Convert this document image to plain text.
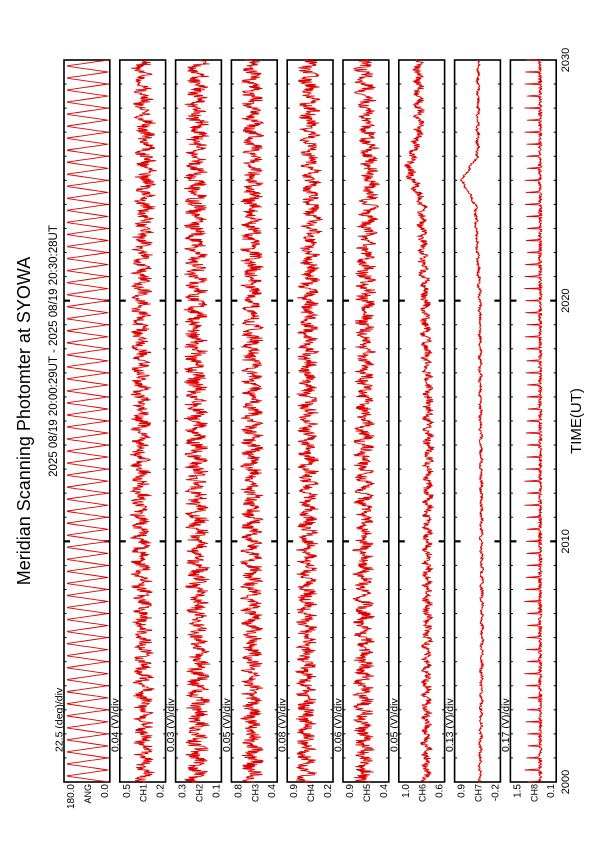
Meridian Scanning Photomter at SYOWA 2025 08/19 20:00:29UT - 2025 08/19 20:30:28UT	TIME(UT)
22.5 (deg)/div
180.0 0.0
ANG
0.04 (V)/div
0.5 0.2
CH1
0.03 (V)/div
0.3 0.1
CH2
0.05 (V)/div
0.8 0.4
CH3
0.08 (V)/div
0.9 0.2
CH4
0.06 (V)/div
0.9 0.4
CH5
0.05 (V)/div
1.0 0.6
CH6
0.13 (V)/div
0.9 -0.2
CH7
0.17 (V)/div
1.5 0.1
CH8 2000
2010
2020
2030
